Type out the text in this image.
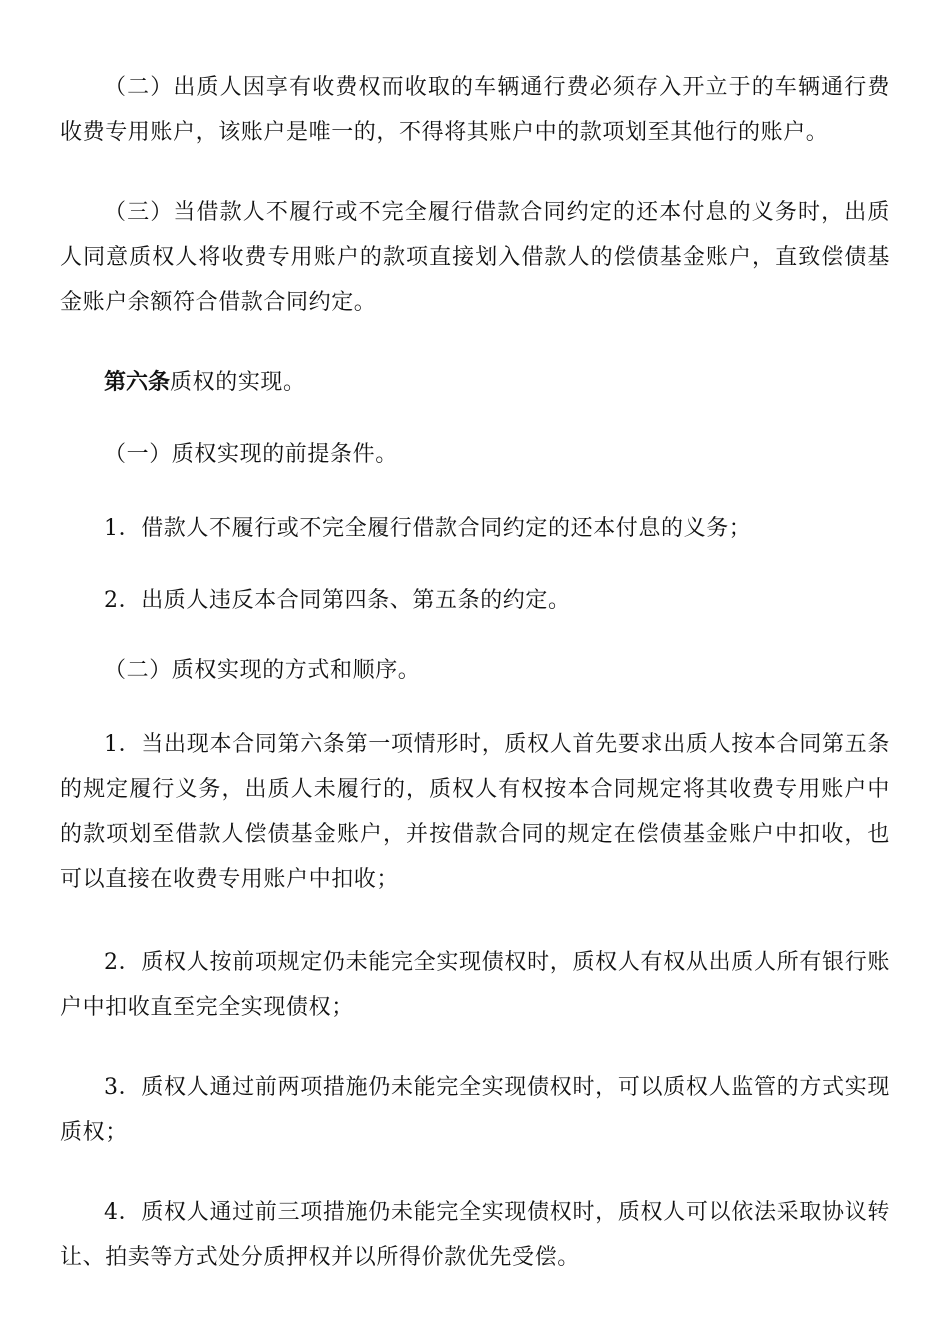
（二）出质人因享有收费权而收取的车辆通行费必须存入开立于的车辆通行费收费专用账户，该账户是唯一的，不得将其账户中的款项划至其他行的账户。

（三）当借款人不履行或不完全履行借款合同约定的还本付息的义务时，出质人同意质权人将收费专用账户的款项直接划入借款人的偿债基金账户，直致偿债基金账户余额符合借款合同约定。

第六条质权的实现。

（一）质权实现的前提条件。

1．借款人不履行或不完全履行借款合同约定的还本付息的义务；

2．出质人违反本合同第四条、第五条的约定。

（二）质权实现的方式和顺序。

1．当出现本合同第六条第一项情形时，质权人首先要求出质人按本合同第五条的规定履行义务，出质人未履行的，质权人有权按本合同规定将其收费专用账户中的款项划至借款人偿债基金账户，并按借款合同的规定在偿债基金账户中扣收，也可以直接在收费专用账户中扣收；

2．质权人按前项规定仍未能完全实现债权时，质权人有权从出质人所有银行账户中扣收直至完全实现债权；

3．质权人通过前两项措施仍未能完全实现债权时，可以质权人监管的方式实现质权；

4．质权人通过前三项措施仍未能完全实现债权时，质权人可以依法采取协议转让、拍卖等方式处分质押权并以所得价款优先受偿。
